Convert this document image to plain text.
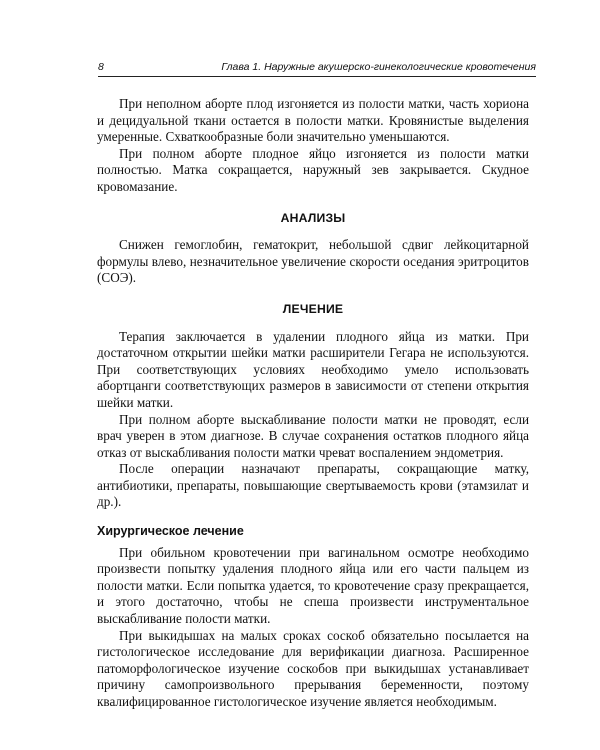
8	Глава 1. Наружные акушерско-гинекологические кровотечения

При неполном аборте плод изгоняется из полости матки, часть хориона и децидуальной ткани остается в полости матки. Кровянистые выделения умеренные. Схваткообразные боли значительно уменьшаются.

При полном аборте плодное яйцо изгоняется из полости матки полностью. Матка сокращается, наружный зев закрывается. Скудное кровомазание.

АНАЛИЗЫ

Снижен гемоглобин, гематокрит, небольшой сдвиг лейкоцитарной формулы влево, незначительное увеличение скорости оседания эритроцитов (СОЭ).

ЛЕЧЕНИЕ

Терапия заключается в удалении плодного яйца из матки. При достаточном открытии шейки матки расширители Гегара не используются. При соответствующих условиях необходимо умело использовать абортцанги соответствующих размеров в зависимости от степени открытия шейки матки.

При полном аборте выскабливание полости матки не проводят, если врач уверен в этом диагнозе. В случае сохранения остатков плодного яйца отказ от выскабливания полости матки чреват воспалением эндометрия.

После операции назначают препараты, сокращающие матку, антибиотики, препараты, повышающие свертываемость крови (этамзилат и др.).

Хирургическое лечение

При обильном кровотечении при вагинальном осмотре необходимо произвести попытку удаления плодного яйца или его части пальцем из полости матки. Если попытка удается, то кровотечение сразу прекращается, и этого достаточно, чтобы не спеша произвести инструментальное выскабливание полости матки.

При выкидышах на малых сроках соскоб обязательно посылается на гистологическое исследование для верификации диагноза. Расширенное патоморфологическое изучение соскобов при выкидышах устанавливает причину самопроизвольного прерывания беременности, поэтому квалифицированное гистологическое изучение является необходимым.
